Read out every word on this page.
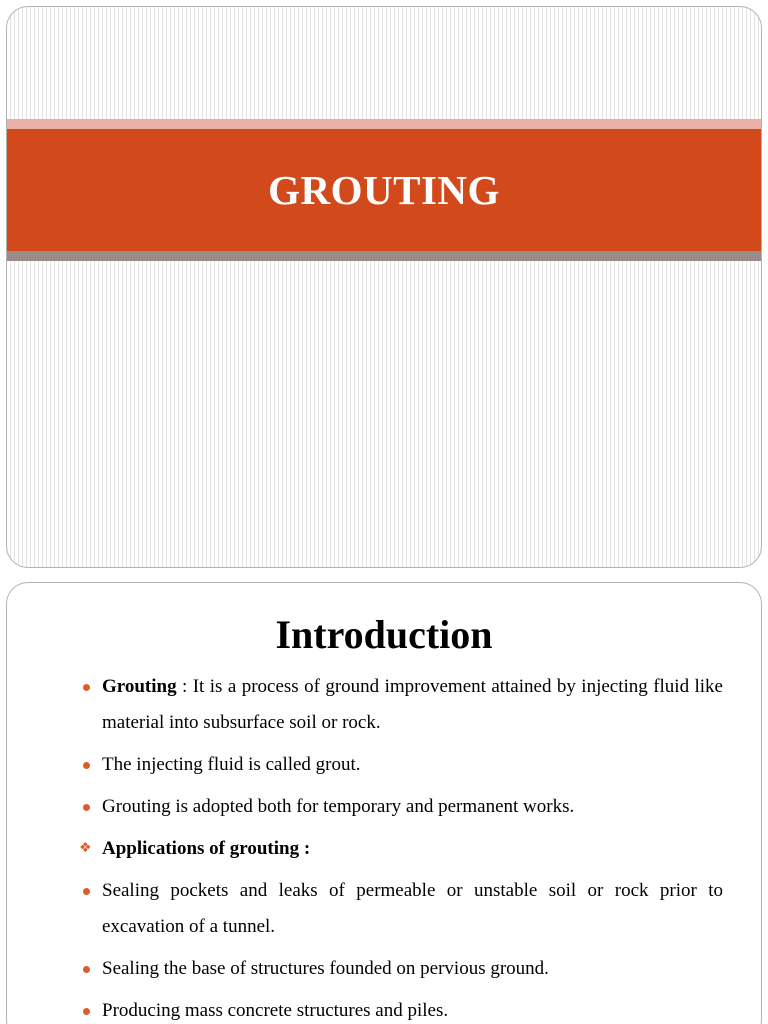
GROUTING
Introduction
Grouting : It is a process of ground improvement attained by injecting fluid like material into subsurface soil or rock.
The injecting fluid is called grout.
Grouting is adopted both for temporary and permanent works.
❖ Applications of grouting :
Sealing pockets and leaks of permeable or unstable soil or rock prior to excavation of a tunnel.
Sealing the base of structures founded on pervious ground.
Producing mass concrete structures and piles.
